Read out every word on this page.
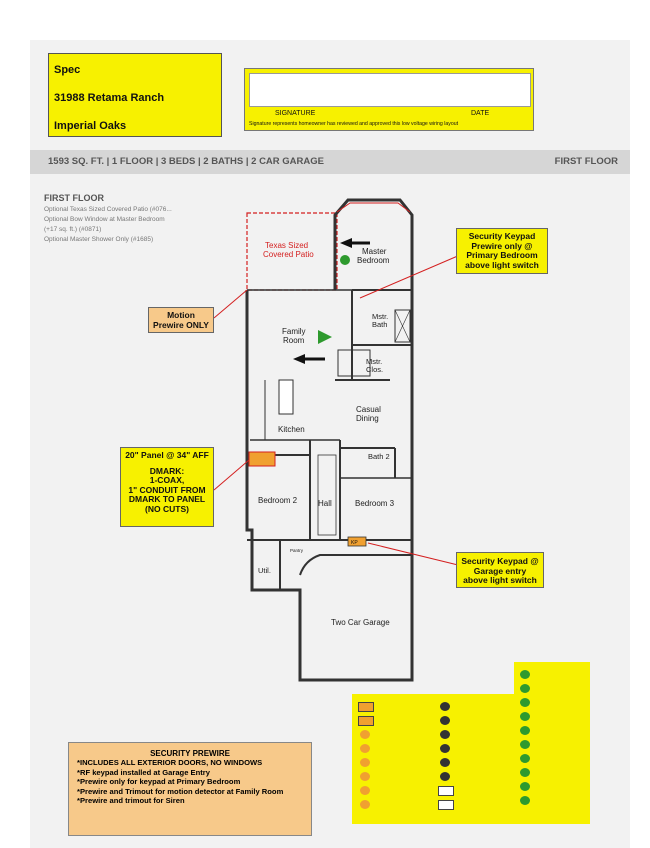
Spec
31988 Retama Ranch
Imperial Oaks
SIGNATURE	DATE
Signature represents homeowner has reviewed and approved this low voltage wiring layout
1593 SQ. FT. | 1 FLOOR | 3 BEDS | 2 BATHS | 2 CAR GARAGE	FIRST FLOOR
FIRST FLOOR
Optional Texas Sized Covered Patio (#076...
Optional Bow Window at Master Bedroom
(+17 sq. ft.) (#0871)
Optional Master Shower Only (#1685)
KP
Texas Sized
Covered Patio	Master
Bedroom
Mstr.
Bath
Family
Room
Mstr.
Clos.
Casual
Dining
Kitchen
Bath 2
Bedroom 2	Hall	Bedroom 3
Util.
Pantry
Two Car Garage
Security Keypad
Prewire only @
Primary Bedroom
above light switch
Motion
Prewire ONLY
20" Panel @ 34" AFF
DMARK:
1-COAX,
1" CONDUIT FROM
DMARK TO PANEL
(NO CUTS)
Security Keypad @
Garage entry
above light switch
SECURITY PREWIRE
*INCLUDES ALL EXTERIOR DOORS, NO WINDOWS
*RF keypad installed at Garage Entry
*Prewire only for keypad at Primary Bedroom
*Prewire and Trimout for motion detector at Family Room
*Prewire and trimout for Siren
